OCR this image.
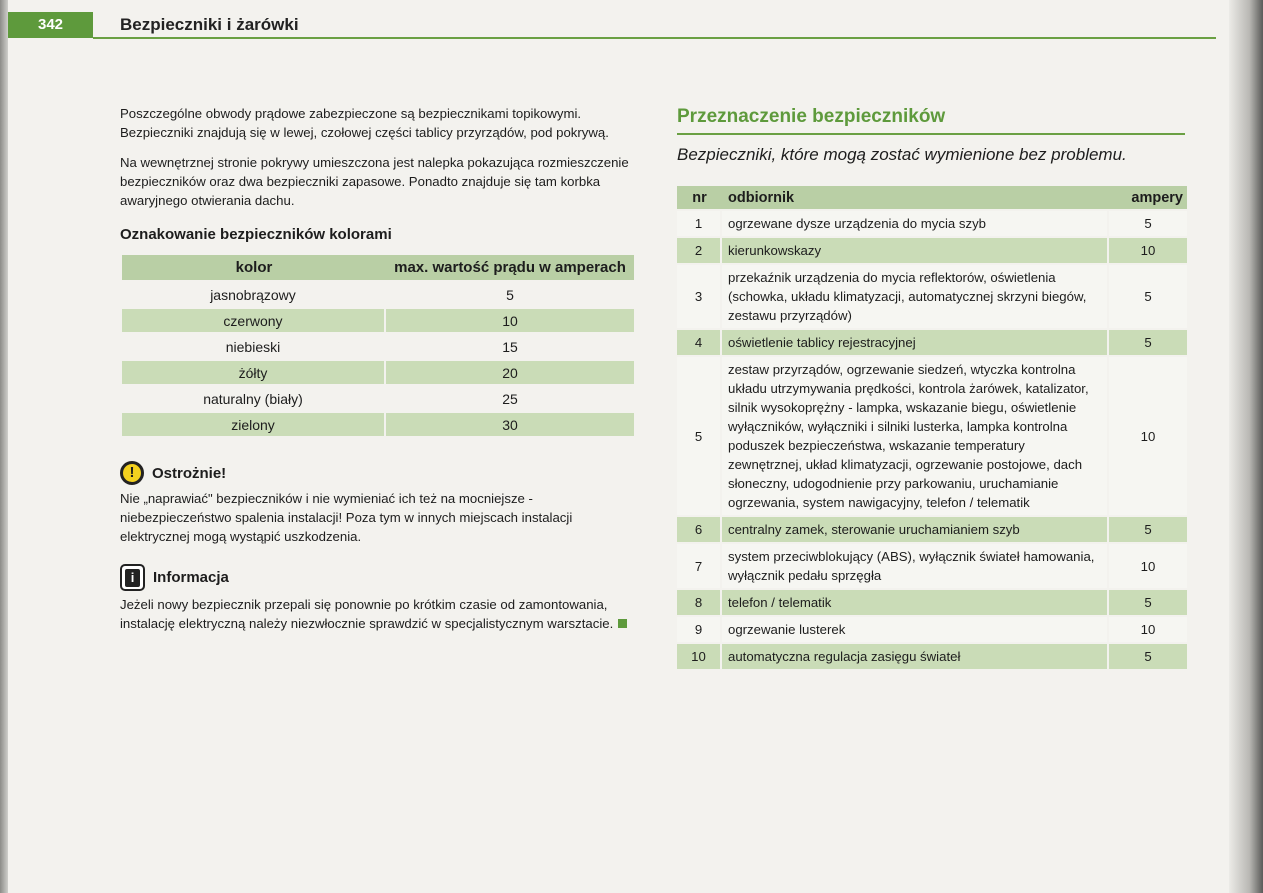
342	Bezpieczniki i żarówki

Poszczególne obwody prądowe zabezpieczone są bezpiecznikami topikowymi. Bezpieczniki znajdują się w lewej, czołowej części tablicy przyrządów, pod pokrywą.

Na wewnętrznej stronie pokrywy umieszczona jest nalepka pokazująca rozmieszczenie bezpieczników oraz dwa bezpieczniki zapasowe. Ponadto znajduje się tam korbka awaryjnego otwierania dachu.

Oznakowanie bezpieczników kolorami
kolor	max. wartość prądu w amperach
jasnobrązowy	5
czerwony	10
niebieski	15
żółty	20
naturalny (biały)	25
zielony	30
!	Ostrożnie!

Nie „naprawiać" bezpieczników i nie wymieniać ich też na mocniejsze - niebezpieczeństwo spalenia instalacji! Poza tym w innych miejscach instalacji elektrycznej mogą wystąpić uszkodzenia.

i	Informacja

Jeżeli nowy bezpiecznik przepali się ponownie po krótkim czasie od zamontowania, instalację elektryczną należy niezwłocznie sprawdzić w specjalistycznym warsztacie.

Przeznaczenie bezpieczników
Bezpieczniki, które mogą zostać wymienione bez problemu.
nr	odbiornik	ampery
1	ogrzewane dysze urządzenia do mycia szyb	5
2	kierunkowskazy	10
3	przekaźnik urządzenia do mycia reflektorów, oświetlenia (schowka, układu klimatyzacji, automatycznej skrzyni biegów, zestawu przyrządów)	5
4	oświetlenie tablicy rejestracyjnej	5
5	zestaw przyrządów, ogrzewanie siedzeń, wtyczka kontrolna układu utrzymywania prędkości, kontrola żarówek, katalizator, silnik wysokoprężny - lampka, wskazanie biegu, oświetlenie wyłączników, wyłączniki i silniki lusterka, lampka kontrolna poduszek bezpieczeństwa, wskazanie temperatury zewnętrznej, układ klimatyzacji, ogrzewanie postojowe, dach słoneczny, udogodnienie przy parkowaniu, uruchamianie ogrzewania, system nawigacyjny, telefon / telematik	10
6	centralny zamek, sterowanie uruchamianiem szyb	5
7	system przeciwblokujący (ABS), wyłącznik świateł hamowania, wyłącznik pedału sprzęgła	10
8	telefon / telematik	5
9	ogrzewanie lusterek	10
10	automatyczna regulacja zasięgu świateł	5
